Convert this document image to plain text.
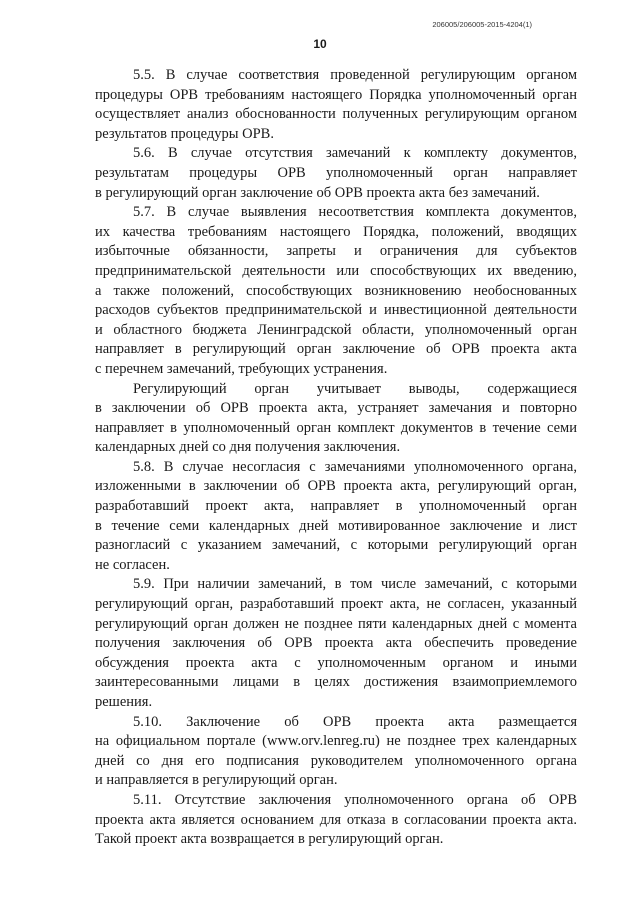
206005/206005-2015-4204(1)
10

5.5. В случае соответствия проведенной регулирующим органом
процедуры ОРВ требованиям настоящего Порядка уполномоченный орган
осуществляет анализ обоснованности полученных регулирующим органом
результатов процедуры ОРВ.

5.6. В случае отсутствия замечаний к комплекту документов,
результатам процедуры ОРВ уполномоченный орган направляет
в регулирующий орган заключение об ОРВ проекта акта без замечаний.

5.7. В случае выявления несоответствия комплекта документов,
их качества требованиям настоящего Порядка, положений, вводящих
избыточные обязанности, запреты и ограничения для субъектов
предпринимательской деятельности или способствующих их введению,
а также положений, способствующих возникновению необоснованных
расходов субъектов предпринимательской и инвестиционной деятельности
и областного бюджета Ленинградской области, уполномоченный орган
направляет в регулирующий орган заключение об ОРВ проекта акта
с перечнем замечаний, требующих устранения.

Регулирующий орган учитывает выводы, содержащиеся
в заключении об ОРВ проекта акта, устраняет замечания и повторно
направляет в уполномоченный орган комплект документов в течение семи
календарных дней со дня получения заключения.

5.8. В случае несогласия с замечаниями уполномоченного органа,
изложенными в заключении об ОРВ проекта акта, регулирующий орган,
разработавший проект акта, направляет в уполномоченный орган
в течение семи календарных дней мотивированное заключение и лист
разногласий с указанием замечаний, с которыми регулирующий орган
не согласен.

5.9. При наличии замечаний, в том числе замечаний, с которыми
регулирующий орган, разработавший проект акта, не согласен, указанный
регулирующий орган должен не позднее пяти календарных дней с момента
получения заключения об ОРВ проекта акта обеспечить проведение
обсуждения проекта акта с уполномоченным органом и иными
заинтересованными лицами в целях достижения взаимоприемлемого
решения.

5.10. Заключение об ОРВ проекта акта размещается
на официальном портале (www.orv.lenreg.ru) не позднее трех календарных
дней со дня его подписания руководителем уполномоченного органа
и направляется в регулирующий орган.

5.11. Отсутствие заключения уполномоченного органа об ОРВ
проекта акта является основанием для отказа в согласовании проекта акта.
Такой проект акта возвращается в регулирующий орган.
